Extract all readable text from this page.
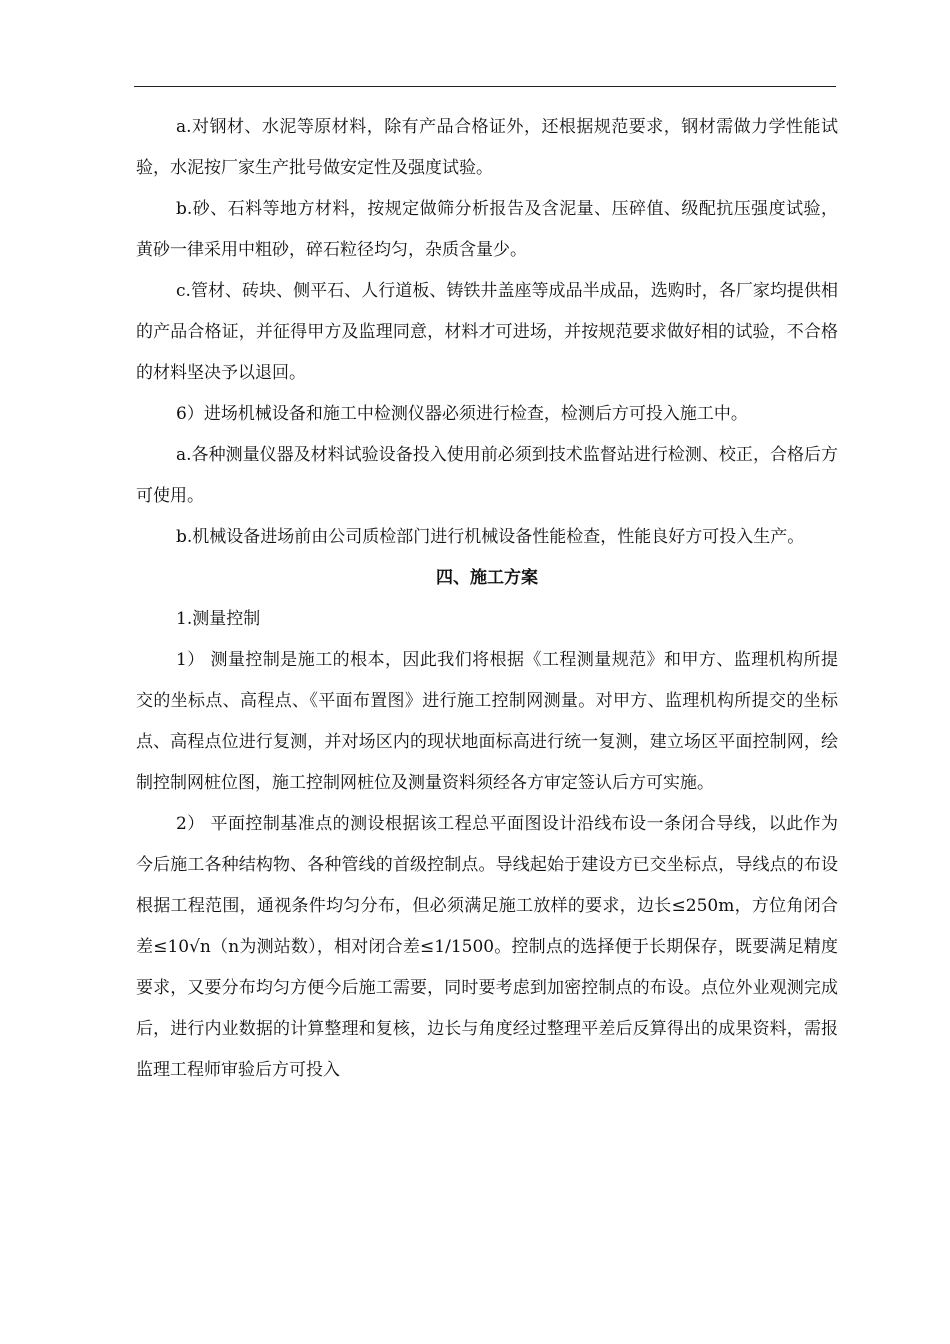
a.对钢材、水泥等原材料，除有产品合格证外，还根据规范要求，钢材需做力学性能试验，水泥按厂家生产批号做安定性及强度试验。

b.砂、石料等地方材料，按规定做筛分析报告及含泥量、压碎值、级配抗压强度试验，黄砂一律采用中粗砂，碎石粒径均匀，杂质含量少。

c.管材、砖块、侧平石、人行道板、铸铁井盖座等成品半成品，选购时，各厂家均提供相的产品合格证，并征得甲方及监理同意，材料才可进场，并按规范要求做好相的试验，不合格的材料坚决予以退回。

6）进场机械设备和施工中检测仪器必须进行检查，检测后方可投入施工中。

a.各种测量仪器及材料试验设备投入使用前必须到技术监督站进行检测、校正，合格后方可使用。

b.机械设备进场前由公司质检部门进行机械设备性能检查，性能良好方可投入生产。

四、施工方案

1.测量控制

1） 测量控制是施工的根本，因此我们将根据《工程测量规范》和甲方、监理机构所提交的坐标点、高程点、《平面布置图》进行施工控制网测量。对甲方、监理机构所提交的坐标点、高程点位进行复测，并对场区内的现状地面标高进行统一复测，建立场区平面控制网，绘制控制网桩位图，施工控制网桩位及测量资料须经各方审定签认后方可实施。

2） 平面控制基准点的测设根据该工程总平面图设计沿线布设一条闭合导线，以此作为今后施工各种结构物、各种管线的首级控制点。导线起始于建设方已交坐标点，导线点的布设根据工程范围，通视条件均匀分布，但必须满足施工放样的要求，边长≤250m，方位角闭合差≤10√n（n为测站数），相对闭合差≤1/1500。控制点的选择便于长期保存，既要满足精度要求，又要分布均匀方便今后施工需要，同时要考虑到加密控制点的布设。点位外业观测完成后，进行内业数据的计算整理和复核，边长与角度经过整理平差后反算得出的成果资料，需报监理工程师审验后方可投入
